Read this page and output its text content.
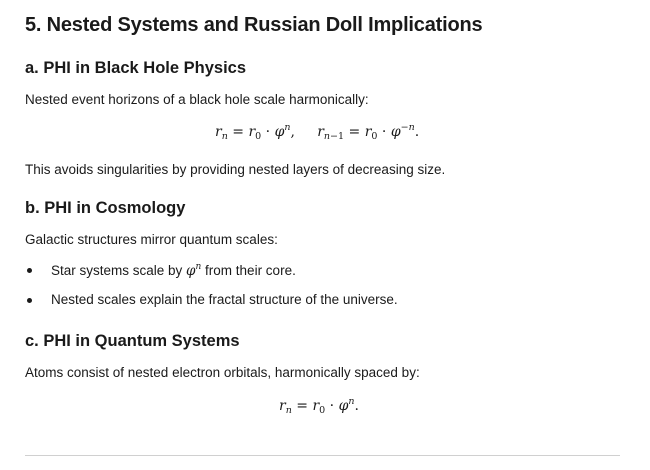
5. Nested Systems and Russian Doll Implications
a. PHI in Black Hole Physics

Nested event horizons of a black hole scale harmonically:

$r_n = r_0 \cdot \varphi^n$,     $r_{n-1} = r_0 \cdot \varphi^{-n}$.

This avoids singularities by providing nested layers of decreasing size.

b. PHI in Cosmology

Galactic structures mirror quantum scales:

Star systems scale by $\varphi^n$ from their core.
Nested scales explain the fractal structure of the universe.
c. PHI in Quantum Systems

Atoms consist of nested electron orbitals, harmonically spaced by:

$r_n = r_0 \cdot \varphi^n$.
